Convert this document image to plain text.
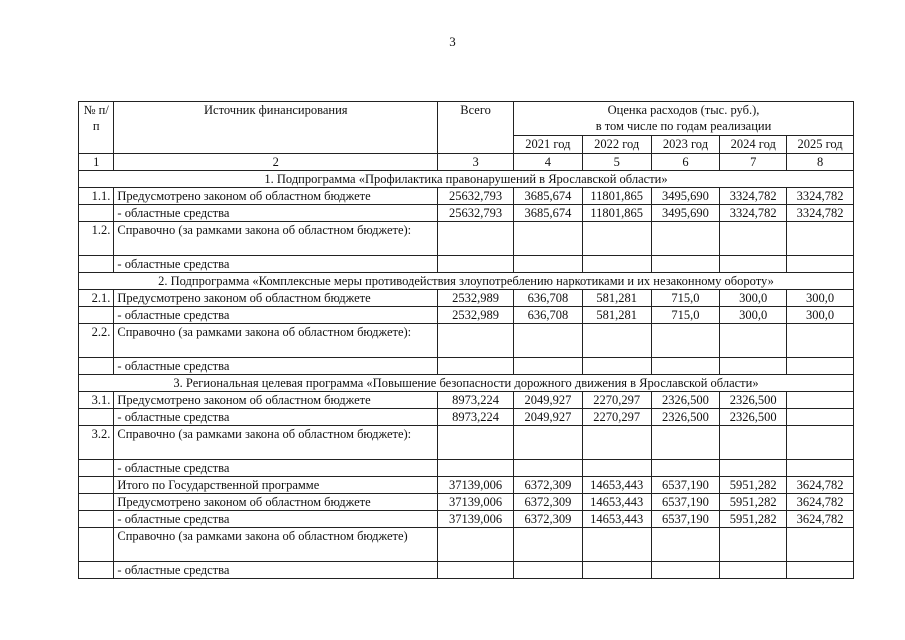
3
№ п/п	Источник финансирования	Всего	Оценка расходов (тыс. руб.),
в том числе по годам реализации				

			2021 год	2022 год	2023 год	2024 год	2025 год
1	2	3	4	5	6	7	8
1. Подпрограмма «Профилактика правонарушений в Ярославской области»							
1.1.	Предусмотрено законом об областном бюджете	25632,793	3685,674	11801,865	3495,690	3324,782	3324,782
	- областные средства	25632,793	3685,674	11801,865	3495,690	3324,782	3324,782
1.2.	Справочно (за рамками закона об областном бюджете):						
	- областные средства						
2. Подпрограмма «Комплексные меры противодействия злоупотреблению наркотиками и их незаконному обороту»							
2.1.	Предусмотрено законом об областном бюджете	2532,989	636,708	581,281	715,0	300,0	300,0
	- областные средства	2532,989	636,708	581,281	715,0	300,0	300,0
2.2.	Справочно (за рамками закона об областном бюджете):						
	- областные средства						
3. Региональная целевая программа «Повышение безопасности дорожного движения в Ярославской области»							
3.1.	Предусмотрено законом об областном бюджете	8973,224	2049,927	2270,297	2326,500	2326,500	
	- областные средства	8973,224	2049,927	2270,297	2326,500	2326,500	
3.2.	Справочно (за рамками закона об областном бюджете):						
	- областные средства						
	Итого по Государственной программе	37139,006	6372,309	14653,443	6537,190	5951,282	3624,782
	Предусмотрено законом об областном бюджете	37139,006	6372,309	14653,443	6537,190	5951,282	3624,782
	- областные средства	37139,006	6372,309	14653,443	6537,190	5951,282	3624,782
	Справочно (за рамками закона об областном бюджете)						
	- областные средства						
